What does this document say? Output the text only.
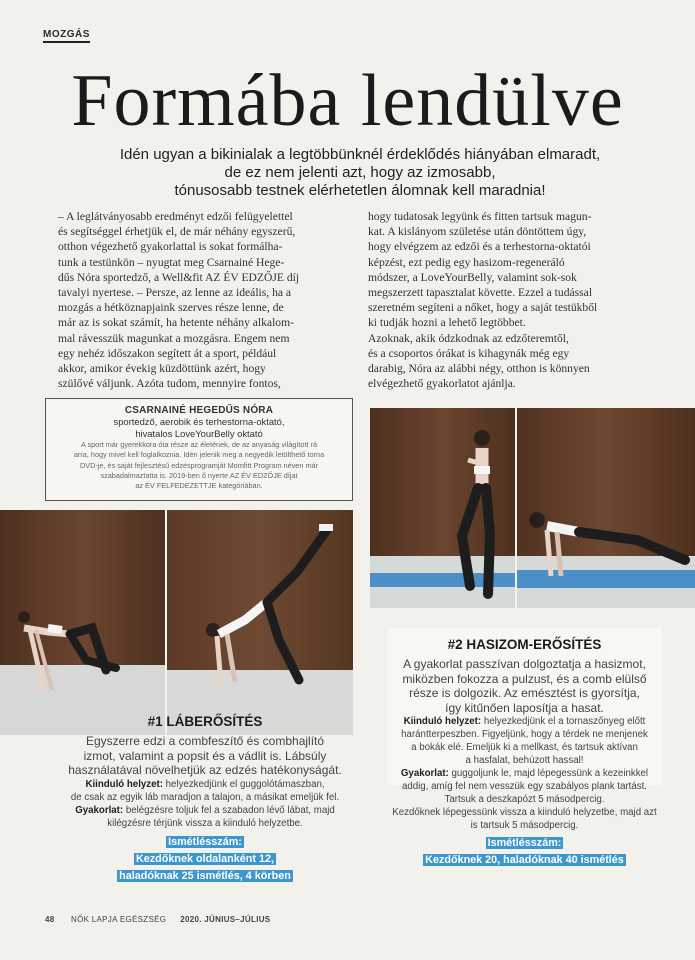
MOZGÁS
Formába lendülve
Idén ugyan a bikinialak a legtöbbünknél érdeklődés hiányában elmaradt,
de ez nem jelenti azt, hogy az izmosabb,
tónusosabb testnek elérhetetlen álomnak kell maradnia!
– A leglátványosabb eredményt edzői felügyelettel
és segítséggel érhetjük el, de már néhány egyszerű,
otthon végezhető gyakorlattal is sokat formálha-
tunk a testünkön – nyugtat meg Csarnainé Hege-
dűs Nóra sportedző, a Well&fit AZ ÉV EDZŐJE díj
tavalyi nyertese. – Persze, az lenne az ideális, ha a
mozgás a hétköznapjaink szerves része lenne, de
már az is sokat számít, ha hetente néhány alkalom-
mal rávesszük magunkat a mozgásra. Engem nem
egy nehéz időszakon segített át a sport, például
akkor, amikor évekig küzdöttünk azért, hogy
szülővé váljunk. Azóta tudom, mennyire fontos,
hogy tudatosak legyünk és fitten tartsuk magun-
kat. A kislányom születése után döntöttem úgy,
hogy elvégzem az edzői és a terhestorna-oktatói
képzést, ezt pedig egy hasizom-regeneráló
módszer, a LoveYourBelly, valamint sok-sok
megszerzett tapasztalat követte. Ezzel a tudással
szeretném segíteni a nőket, hogy a saját testükből
ki tudják hozni a lehető legtöbbet.
Azoknak, akik ódzkodnak az edzőteremtől,
és a csoportos órákat is kihagynák még egy
darabig, Nóra az alábbi négy, otthon is könnyen
elvégezhető gyakorlatot ajánlja.
CSARNAINÉ HEGEDŰS NÓRA
sportedző, aerobik és terhestorna-oktató,
hivatalos LoveYourBelly oktató
A sport már gyerekkora óta része az életének, de az anyaság világított rá
arra, hogy mivel kell foglalkoznia. Idén jelenik meg a negyedik letölthető torna
DVD-je, és saját fejlesztésű edzésprogramját Momfitt Program néven már
szabadalmaztatta is. 2019-ben ő nyerte AZ ÉV EDZŐJE díjat
az ÉV FELFEDEZETTJE kategóriában.
#1 LÁBERŐSÍTÉS
Egyszerre edzi a combfeszítő és combhajlító
izmot, valamint a popsit és a vádlit is. Lábsúly
használatával növelhetjük az edzés hatékonyságát.
Kiinduló helyzet: helyezkedjünk el guggolótámaszban,
de csak az egyik láb maradjon a talajon, a másikat emeljük fel.
Gyakorlat: belégzésre toljuk fel a szabadon lévő lábat, majd
kilégzésre térjünk vissza a kiinduló helyzetbe.
Ismétlésszám:
Kezdőknek oldalanként 12,
haladóknak 25 ismétlés, 4 körben
#2 HASIZOM-ERŐSÍTÉS
A gyakorlat passzívan dolgoztatja a hasizmot,
miközben fokozza a pulzust, és a comb elülső
része is dolgozik. Az emésztést is gyorsítja,
így kitűnően laposítja a hasat.
Kiinduló helyzet: helyezkedjünk el a tornaszőnyeg előtt
harántterpeszben. Figyeljünk, hogy a térdek ne menjenek
a bokák elé. Emeljük ki a mellkast, és tartsuk aktívan
a hasfalat, behúzott hassal!
Gyakorlat: guggoljunk le, majd lépegessünk a kezeinkkel
addig, amíg fel nem vesszük egy szabályos plank tartást.
Tartsuk a deszkapózt 5 másodpercig.
Kezdőknek lépegessünk vissza a kiinduló helyzetbe, majd azt
is tartsuk 5 másodpercig.
Ismétlésszám:
Kezdőknek 20, haladóknak 40 ismétlés
48 NŐK LAPJA EGÉSZSÉG 2020. JÚNIUS–JÚLIUS
